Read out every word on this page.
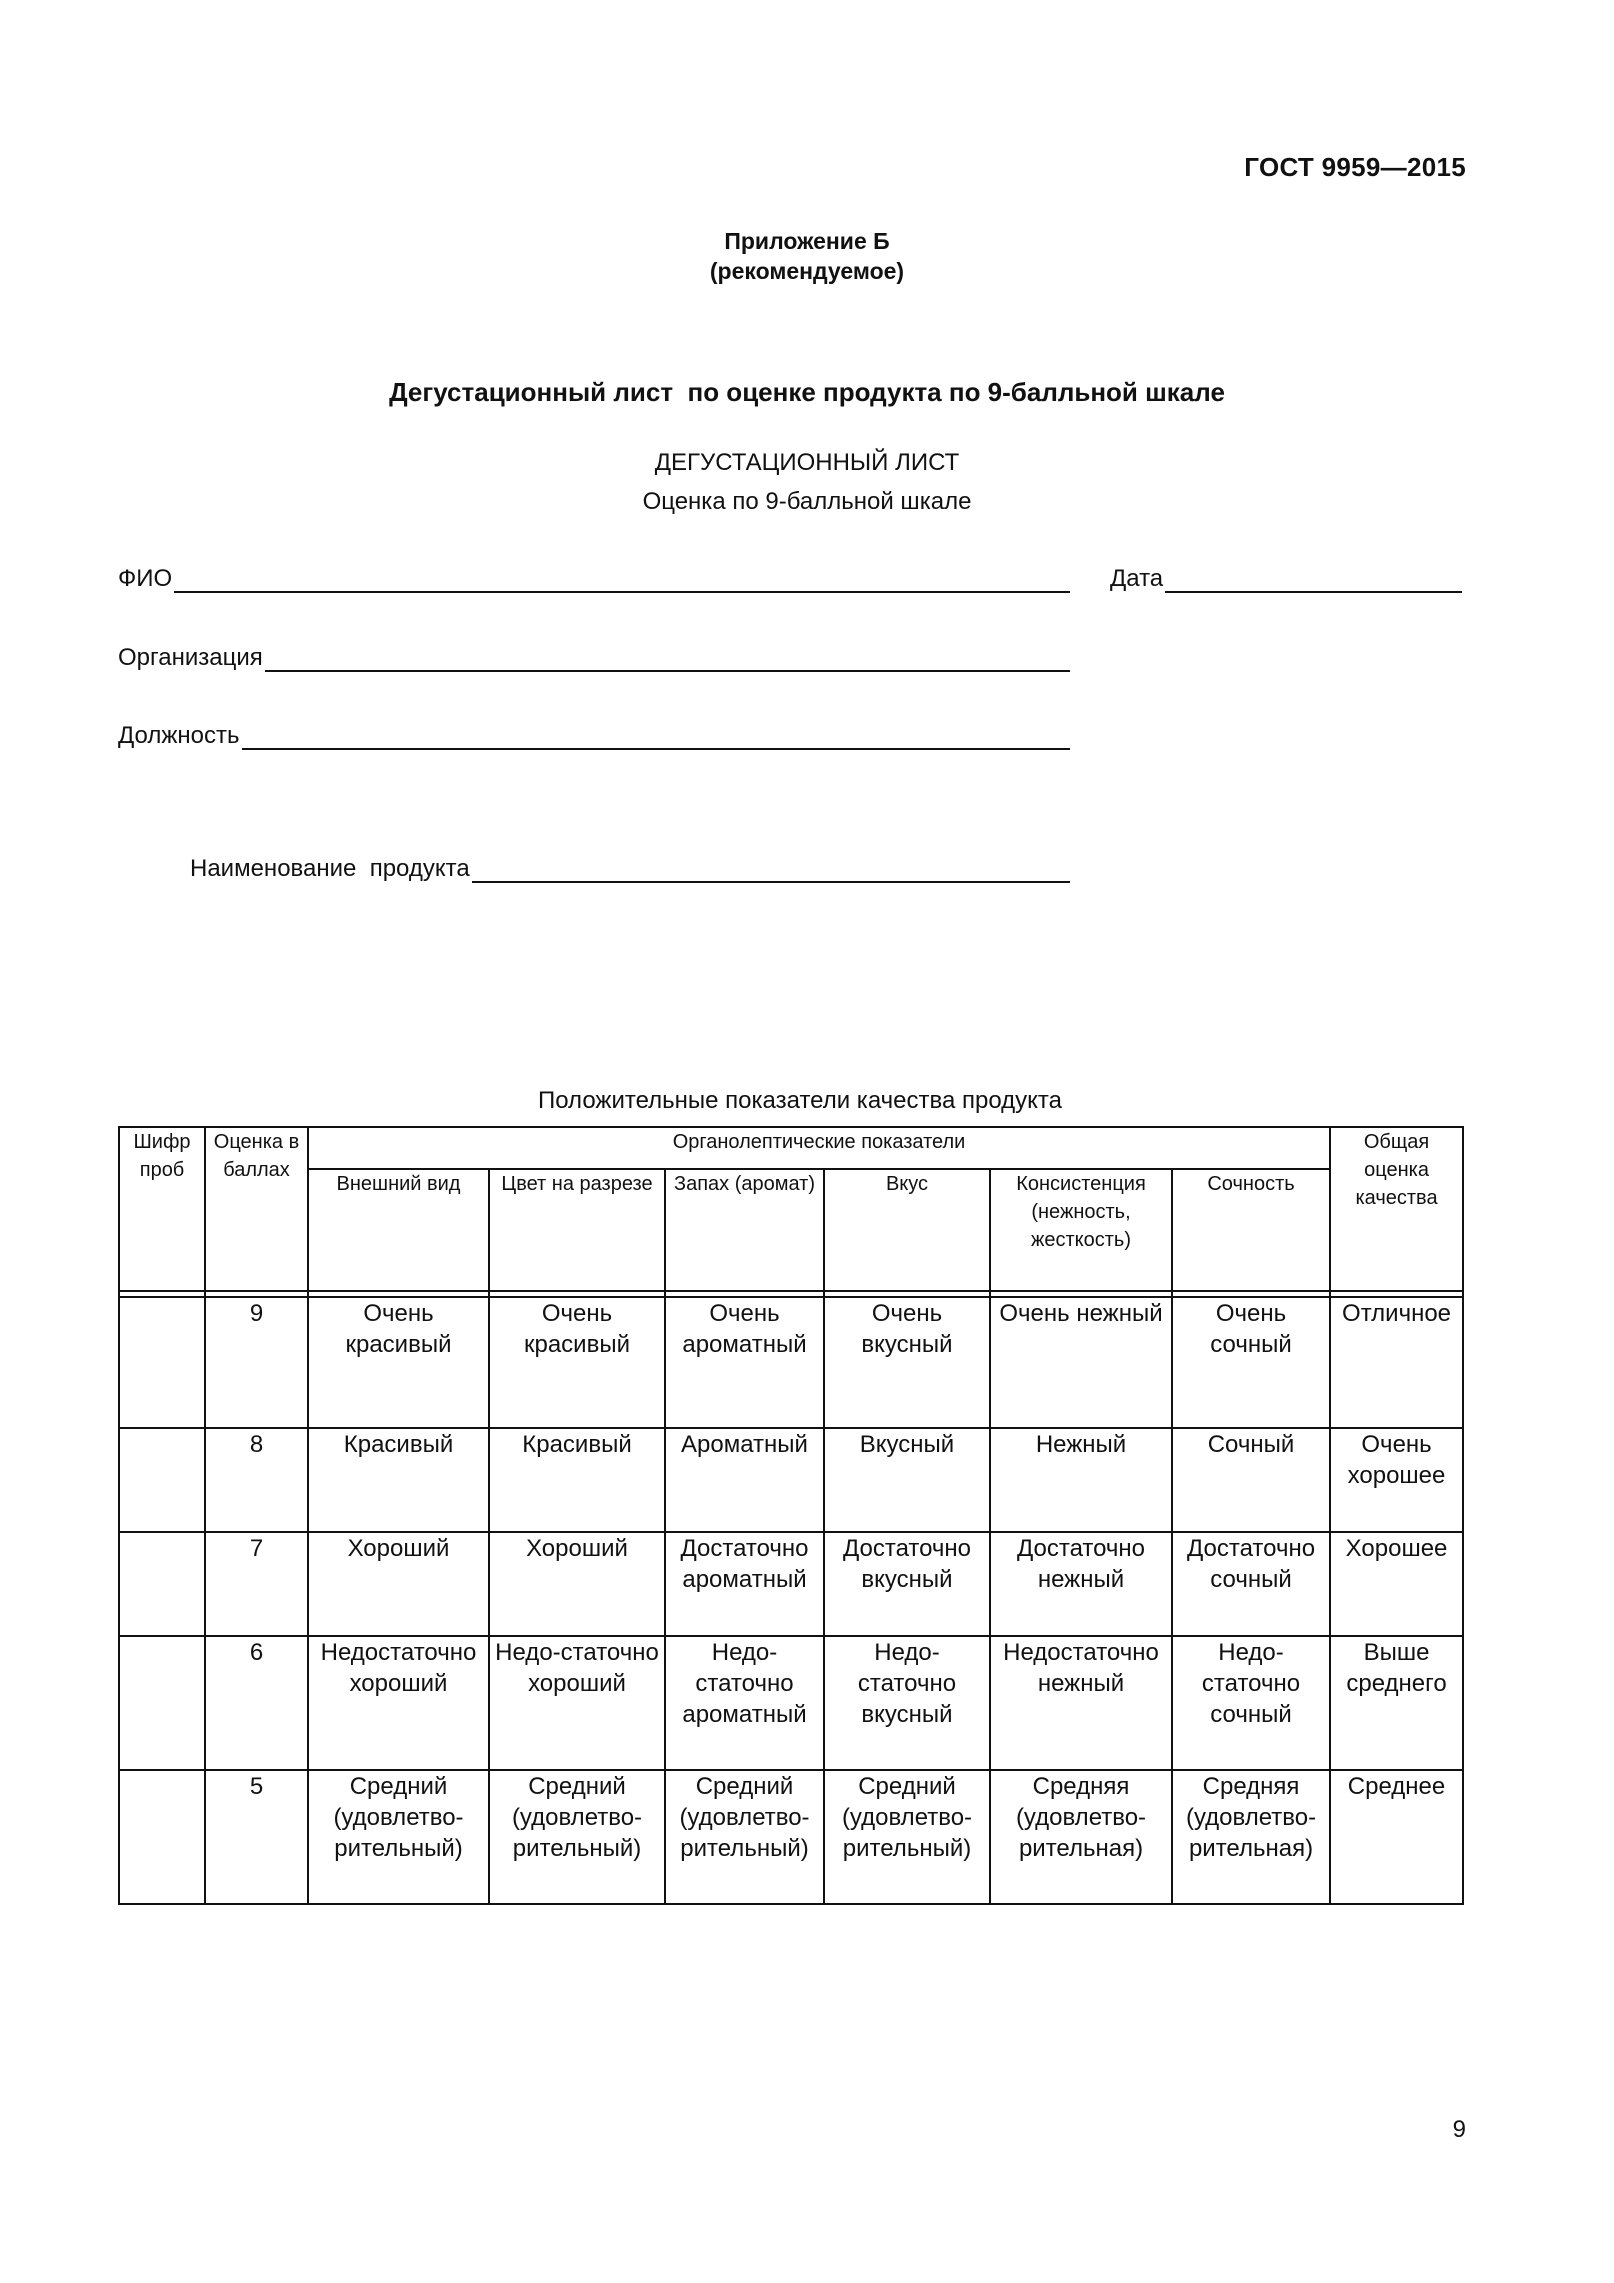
ГОСТ 9959—2015
Приложение Б
(рекомендуемое)
Дегустационный лист  по оценке продукта по 9-балльной шкале
ДЕГУСТАЦИОННЫЙ ЛИСТ
Оценка по 9-балльной шкале
ФИО	Дата
Организация
Должность
Наименование  продукта
Положительные показатели качества продукта
Шифр проб	Оценка в баллах	Органолептические показатели						Общая оценка качества
		Внешний вид	Цвет на разрезе	Запах (аромат)	Вкус	Консистенция (нежность, жесткость)	Сочность	

	9	Очень красивый	Очень красивый	Очень ароматный	Очень вкусный	Очень нежный	Очень сочный	Отличное
	8	Красивый	Красивый	Ароматный	Вкусный	Нежный	Сочный	Очень хорошее
	7	Хороший	Хороший	Достаточно ароматный	Достаточно вкусный	Достаточно нежный	Достаточно сочный	Хорошее
	6	Недостаточно хороший	Недо-статочно хороший	Недо-статочно ароматный	Недо-статочно вкусный	Недостаточно нежный	Недо-статочно сочный	Выше среднего
	5	Средний (удовлетво-рительный)	Средний (удовлетво-рительный)	Средний (удовлетво-рительный)	Средний (удовлетво-рительный)	Средняя (удовлетво-рительная)	Средняя (удовлетво-рительная)	Среднее
9
